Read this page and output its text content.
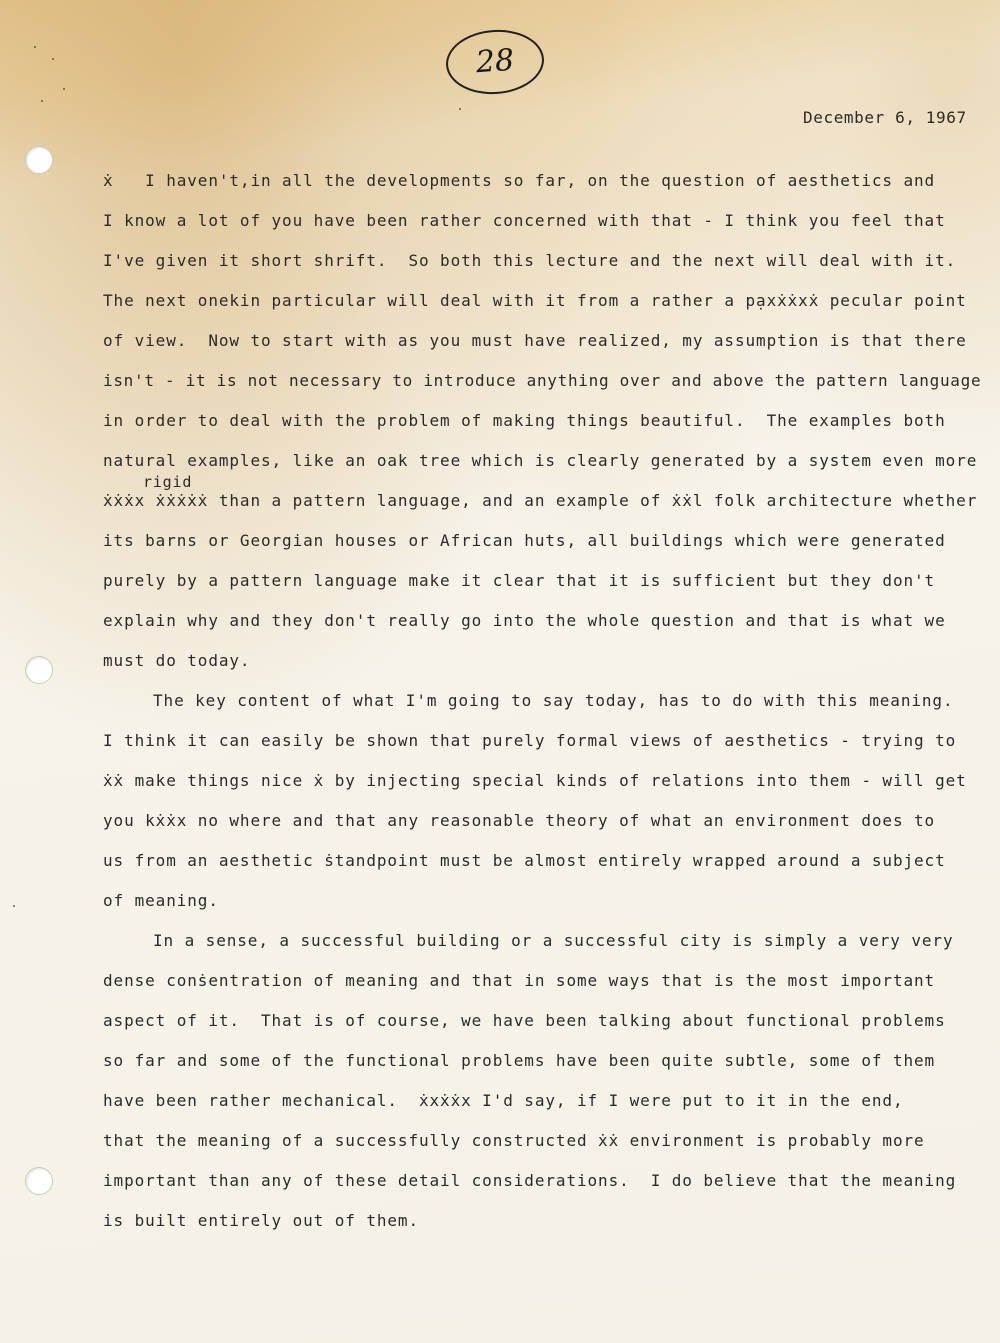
28
December 6, 1967
rigid
ẋ   I haven't,in all the developments so far, on the question of aesthetics and
I know a lot of you have been rather concerned with that - I think you feel that
I've given it short shrift.  So both this lecture and the next will deal with it.
The next onekin particular will deal with it from a rather a pạxẋẋxẋ pecular point
of view.  Now to start with as you must have realized, my assumption is that there
isn't - it is not necessary to introduce anything over and above the pattern language
in order to deal with the problem of making things beautiful.  The examples both
natural examples, like an oak tree which is clearly generated by a system even more
ẋẋẋx ẋẋẋẋẋ than a pattern language, and an example of ẋẋl folk architecture whether
its barns or Georgian houses or African huts, all buildings which were generated
purely by a pattern language make it clear that it is sufficient but they don't
explain why and they don't really go into the whole question and that is what we
must do today.
The key content of what I'm going to say today, has to do with this meaning.
I think it can easily be shown that purely formal views of aesthetics - trying to
ẋẋ make things nice ẋ by injecting special kinds of relations into them - will get
you kẋẋx no where and that any reasonable theory of what an environment does to
us from an aesthetic ṡtandpoint must be almost entirely wrapped around a subject
of meaning.
In a sense, a successful building or a successful city is simply a very very
dense conṡentration of meaning and that in some ways that is the most important
aspect of it.  That is of course, we have been talking about functional problems
so far and some of the functional problems have been quite subtle, some of them
have been rather mechanical.  ẋxẋẋx I'd say, if I were put to it in the end,
that the meaning of a successfully constructed ẋẋ environment is probably more
important than any of these detail considerations.  I do believe that the meaning
is built entirely out of them.
